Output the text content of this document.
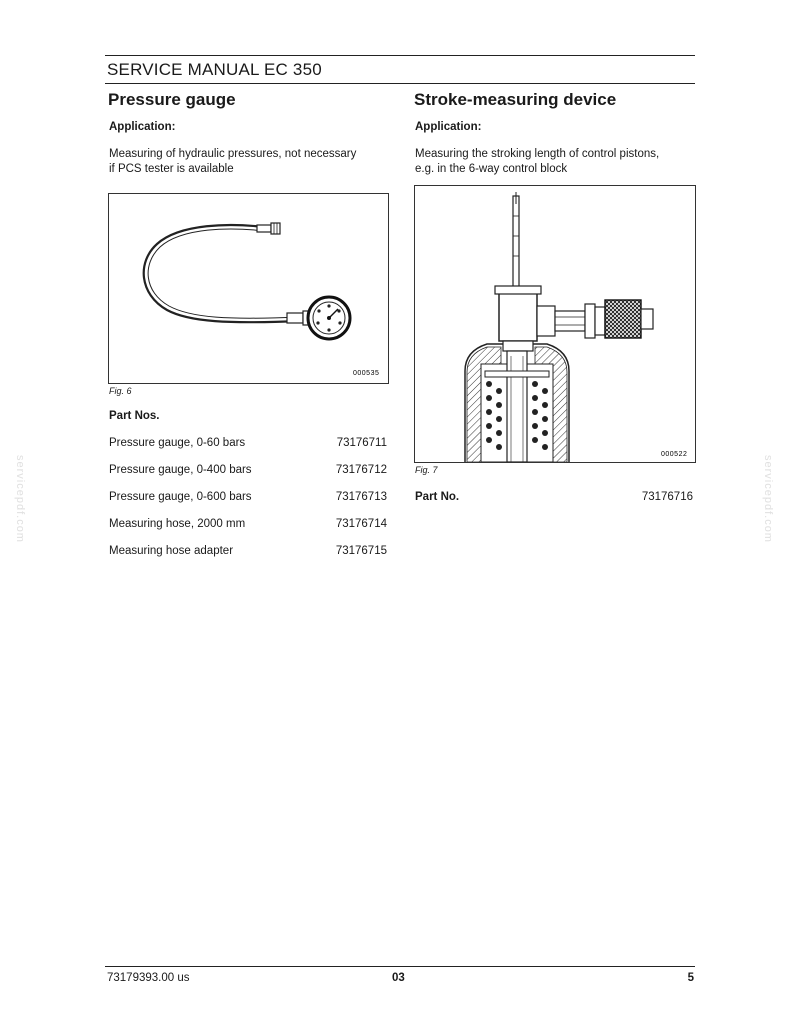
SERVICE MANUAL EC 350
servicepdf.com	servicepdf.com
Pressure gauge
Application:
Measuring of hydraulic pressures, not necessary
if PCS tester is available
000535
Fig. 6
Part Nos.
Pressure gauge, 0-60 bars	73176711
Pressure gauge, 0-400 bars	73176712
Pressure gauge, 0-600 bars	73176713
Measuring hose, 2000 mm	73176714
Measuring hose adapter	73176715
Stroke-measuring device
Application:
Measuring the stroking length of control pistons,
e.g. in the 6-way control block
000522
Fig. 7
Part No.	73176716
73179393.00 us	03	5
